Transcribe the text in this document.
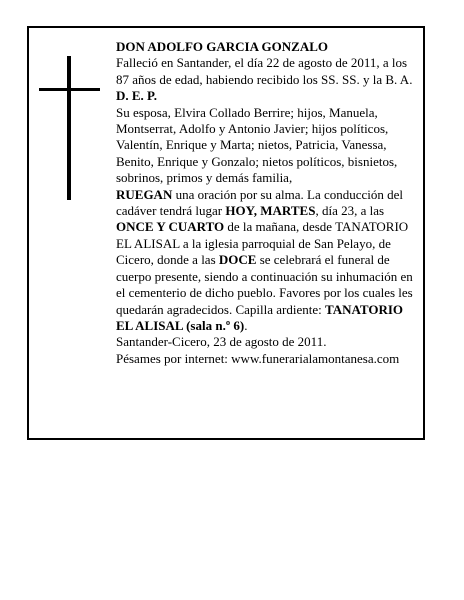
DON ADOLFO GARCIA GONZALO

Falleció en Santander, el día 22 de agosto de 2011, a los 87 años de edad, habiendo recibido los SS. SS. y la B. A.

D. E. P.

Su esposa, Elvira Collado Berrire; hijos, Manuela, Montserrat, Adolfo y Antonio Javier; hijos políticos, Valentín, Enrique y Marta; nietos, Patricia, Vanessa, Benito, Enrique y Gonzalo; nietos políticos, bisnietos, sobrinos, primos y demás familia,

RUEGAN una oración por su alma. La conducción del cadáver tendrá lugar HOY, MARTES, día 23, a las ONCE Y CUARTO de la mañana, desde TANATORIO EL ALISAL a la iglesia parroquial de San Pelayo, de Cicero, donde a las DOCE se celebrará el funeral de cuerpo presente, siendo a continuación su inhumación en el cementerio de dicho pueblo. Favores por los cuales les quedarán agradecidos. Capilla ardiente: TANATORIO EL ALISAL (sala n.º 6).

Santander-Cicero, 23 de agosto de 2011.

Pésames por internet: www.funerarialamontanesa.com
